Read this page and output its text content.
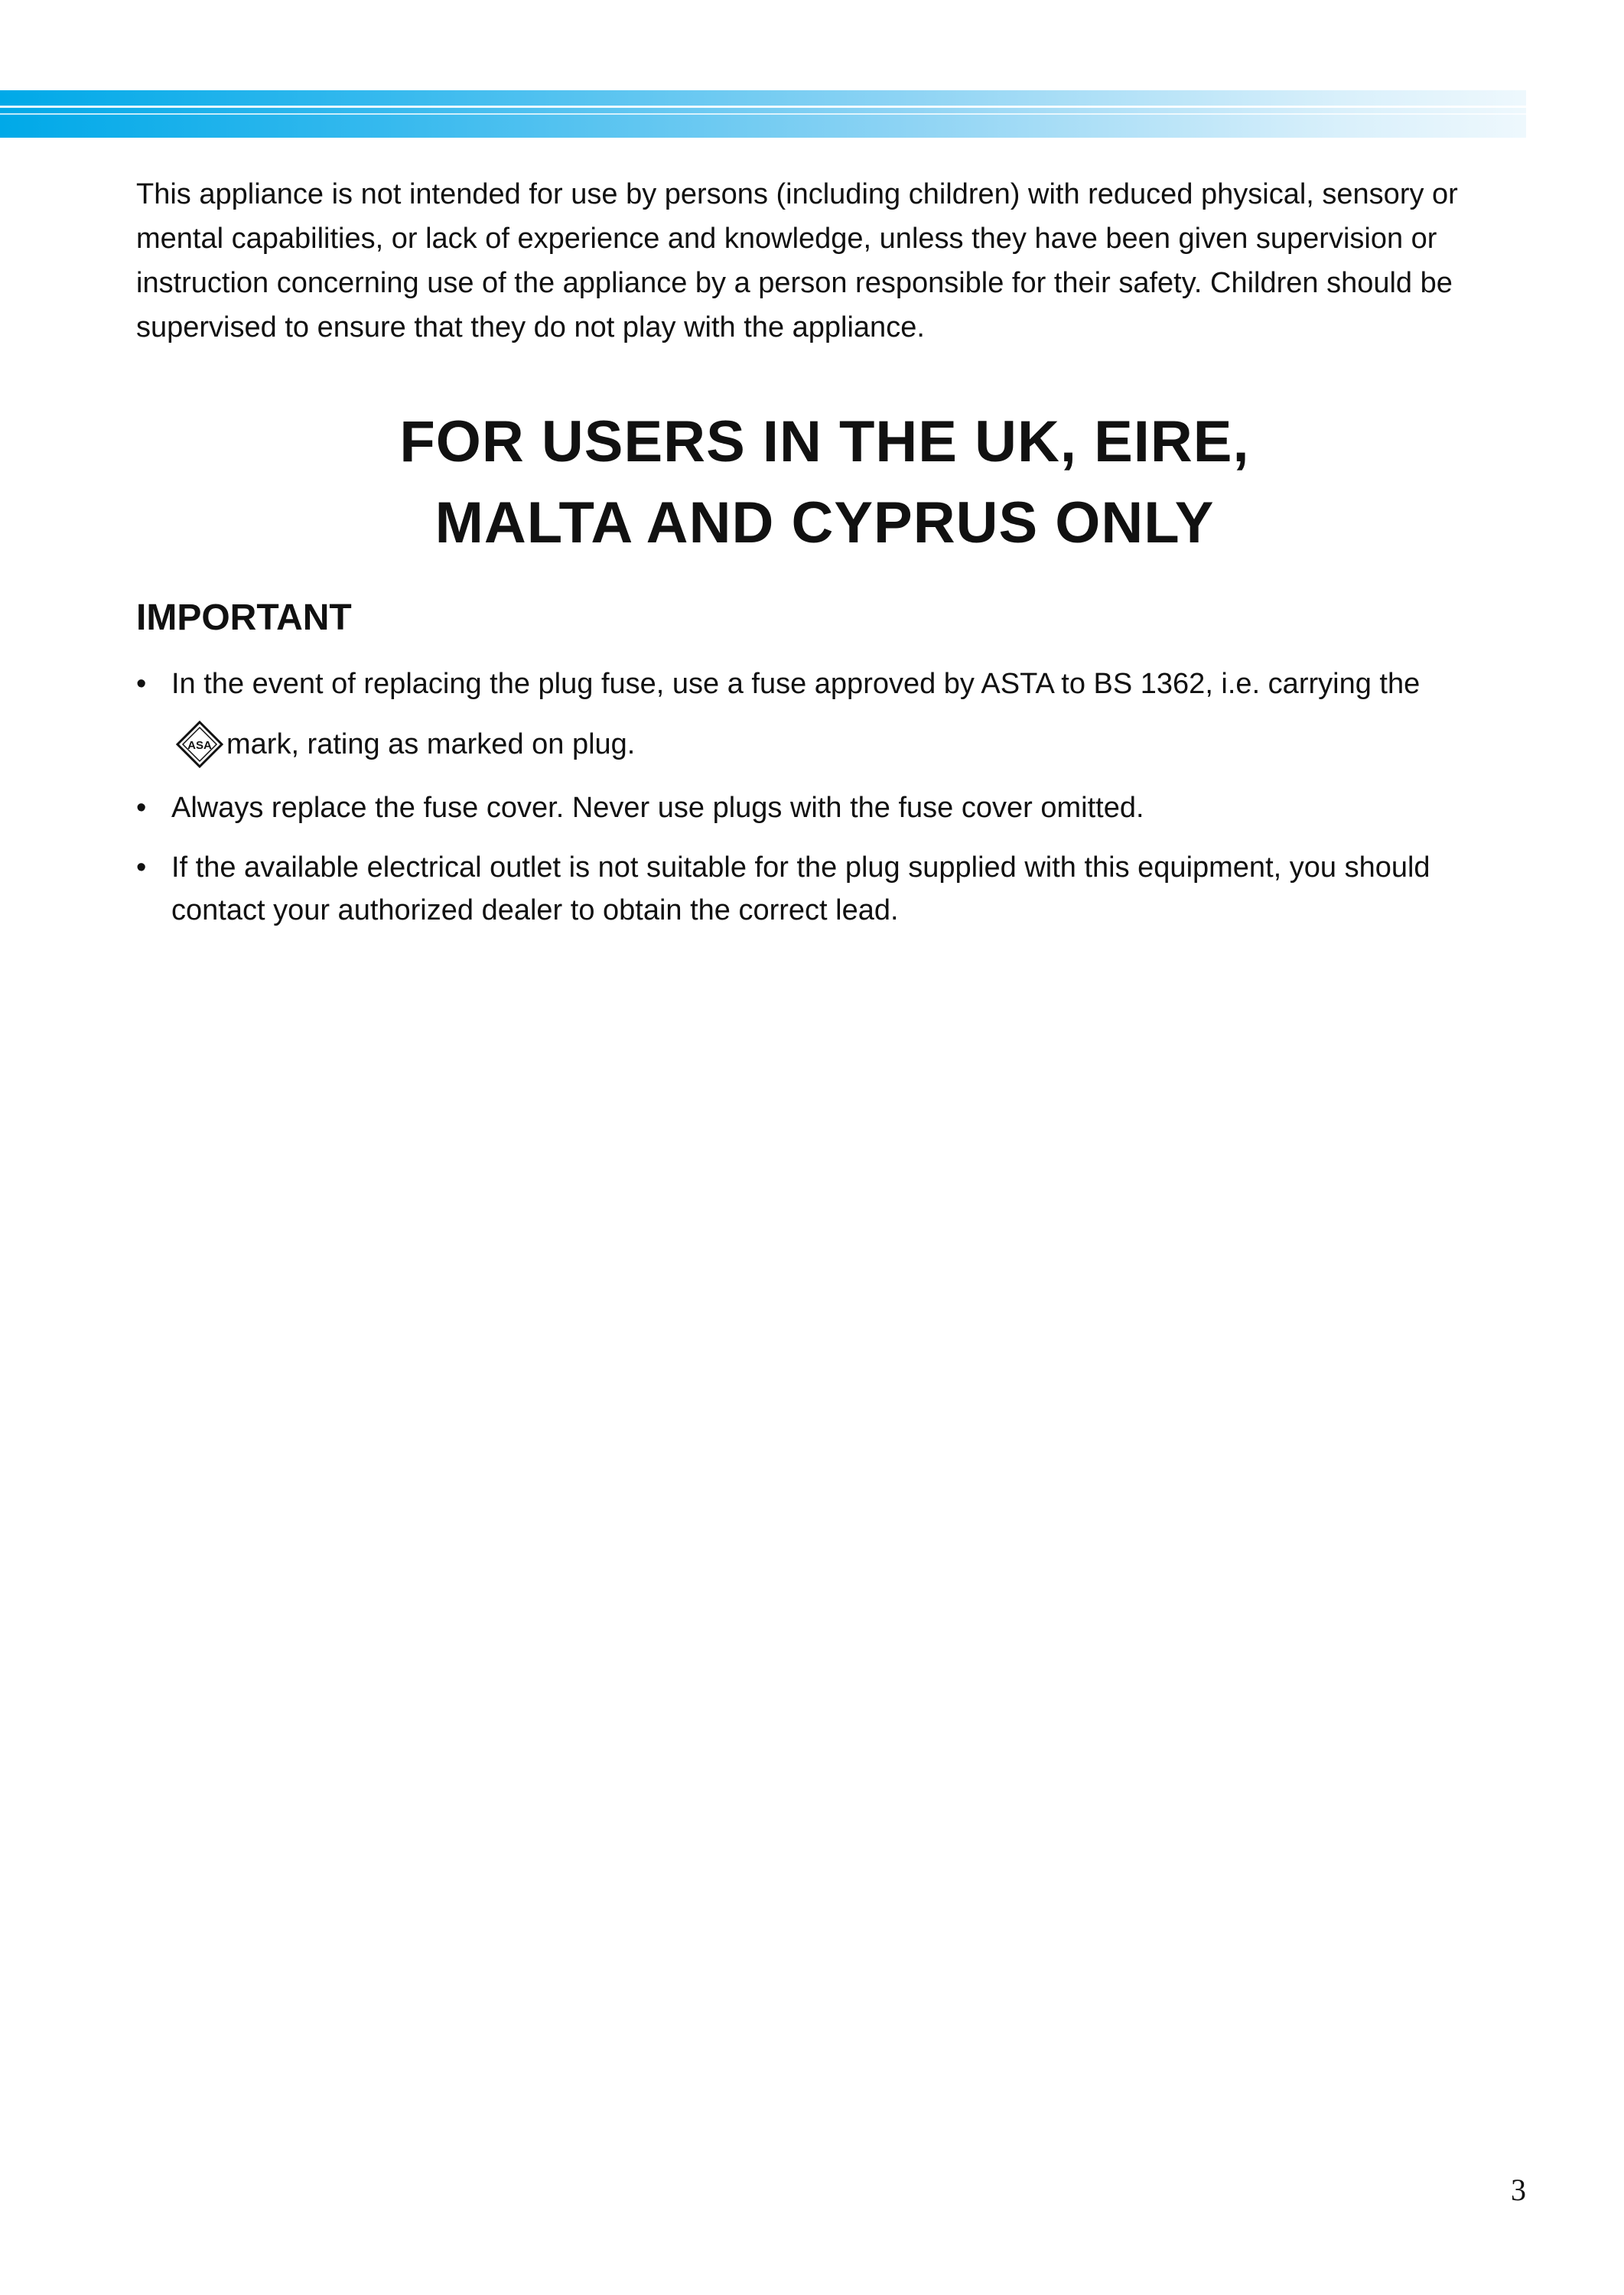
This appliance is not intended for use by persons (including children) with reduced physical, sensory or mental capabilities, or lack of experience and knowledge, unless they have been given supervision or instruction concerning use of the appliance by a person responsible for their safety. Children should be supervised to ensure that they do not play with the appliance.

FOR USERS IN THE UK, EIRE,
MALTA AND CYPRUS ONLY
IMPORTANT
• In the event of replacing the plug fuse, use a fuse approved by ASTA to BS 1362, i.e. carrying the
ASA mark, rating as marked on plug.
• Always replace the fuse cover. Never use plugs with the fuse cover omitted.
• If the available electrical outlet is not suitable for the plug supplied with this equipment, you should contact your authorized dealer to obtain the correct lead.

3
